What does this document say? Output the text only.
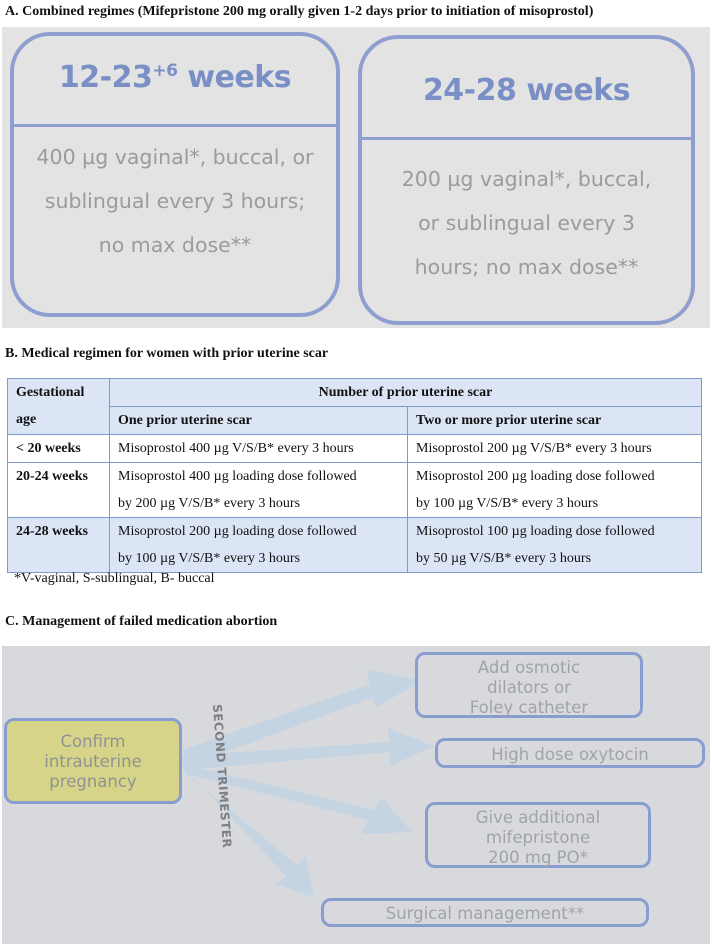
A. Combined regimes (Mifepristone 200 mg orally given 1-2 days prior to initiation of misoprostol)
$12-23^{+6}$ weeks
400 µg vaginal*, buccal, or
sublingual every 3 hours;
no max dose**
24-28 weeks
200 µg vaginal*, buccal,
or sublingual every 3
hours; no max dose**
B. Medical regimen for women with prior uterine scar
Gestational
age	Number of prior uterine scar	
	One prior uterine scar	Two or more prior uterine scar
< 20 weeks	Misoprostol 400 µg V/S/B* every 3 hours	Misoprostol 200 µg V/S/B* every 3 hours
20-24 weeks	Misoprostol 400 µg loading dose followed
by 200 µg V/S/B* every 3 hours	Misoprostol 200 µg loading dose followed
by 100 µg V/S/B* every 3 hours

24-28 weeks	Misoprostol 200 µg loading dose followed
by 100 µg V/S/B* every 3 hours	Misoprostol 100 µg loading dose followed
by 50 µg V/S/B* every 3 hours
*V-vaginal, S-sublingual, B- buccal
C. Management of failed medication abortion
Confirm
intrauterine
pregnancy	SECOND TRIMESTER
Add osmotic
dilators or
Foley catheter
High dose oxytocin
Give additional
mifepristone
200 mg PO*
Surgical management**
